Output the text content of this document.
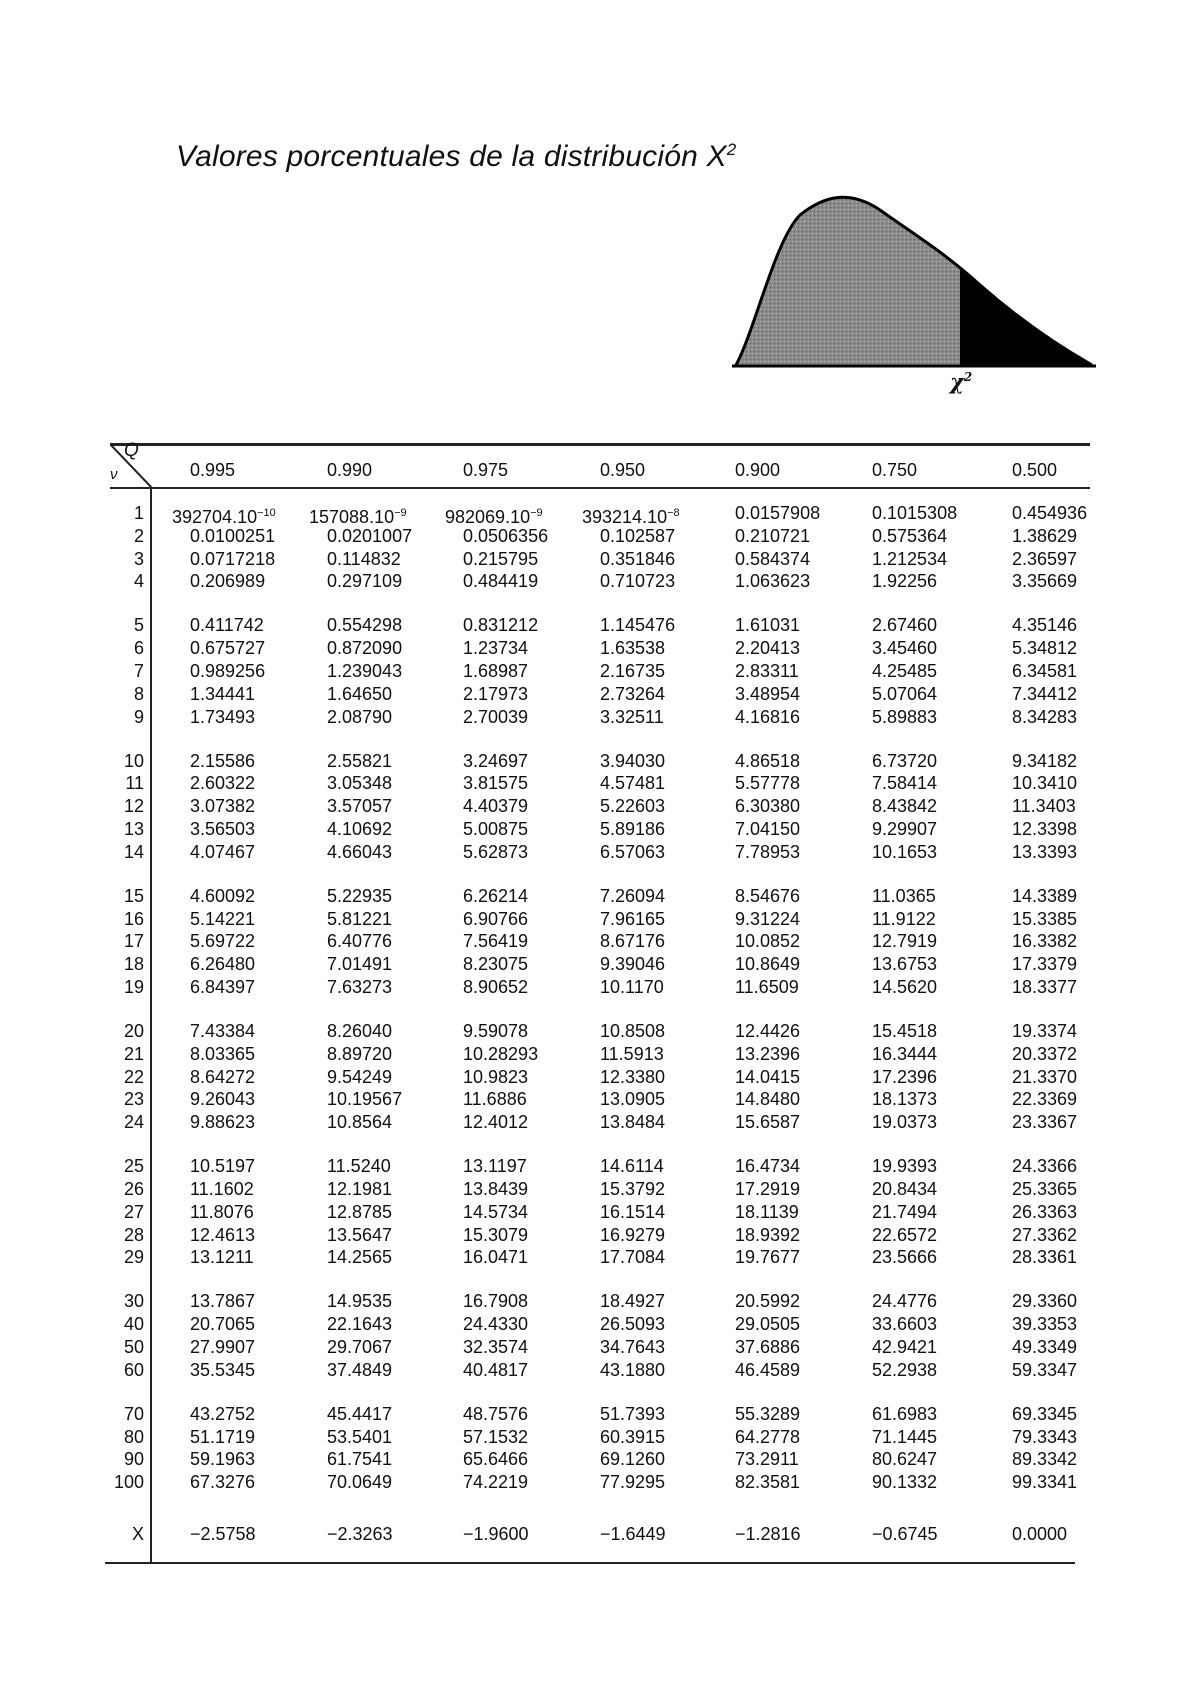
Valores porcentuales de la distribución $X^2$
$\chi^2$
Q
ν	0.995	0.990	0.975	0.950	0.900	0.750	0.500
1 $392704.10^{-10}$ $157088.10^{-9}$ $982069.10^{-9}$ $393214.10^{-8}$	0.0157908	0.1015308	0.454936
2	0.0100251	0.0201007	0.0506356	0.102587	0.210721	0.575364	1.38629
3	0.0717218	0.114832	0.215795	0.351846	0.584374	1.212534	2.36597
4	0.206989	0.297109	0.484419	0.710723	1.063623	1.92256	3.35669
5	0.411742	0.554298	0.831212	1.145476	1.61031	2.67460	4.35146
6	0.675727	0.872090	1.23734	1.63538	2.20413	3.45460	5.34812
7	0.989256	1.239043	1.68987	2.16735	2.83311	4.25485	6.34581
8	1.34441	1.64650	2.17973	2.73264	3.48954	5.07064	7.34412
9	1.73493	2.08790	2.70039	3.32511	4.16816	5.89883	8.34283
10	2.15586	2.55821	3.24697	3.94030	4.86518	6.73720	9.34182
11	2.60322	3.05348	3.81575	4.57481	5.57778	7.58414	10.3410
12	3.07382	3.57057	4.40379	5.22603	6.30380	8.43842	11.3403
13	3.56503	4.10692	5.00875	5.89186	7.04150	9.29907	12.3398
14	4.07467	4.66043	5.62873	6.57063	7.78953	10.1653	13.3393
15	4.60092	5.22935	6.26214	7.26094	8.54676	11.0365	14.3389
16	5.14221	5.81221	6.90766	7.96165	9.31224	11.9122	15.3385
17	5.69722	6.40776	7.56419	8.67176	10.0852	12.7919	16.3382
18	6.26480	7.01491	8.23075	9.39046	10.8649	13.6753	17.3379
19	6.84397	7.63273	8.90652	10.1170	11.6509	14.5620	18.3377
20	7.43384	8.26040	9.59078	10.8508	12.4426	15.4518	19.3374
21	8.03365	8.89720	10.28293	11.5913	13.2396	16.3444	20.3372
22	8.64272	9.54249	10.9823	12.3380	14.0415	17.2396	21.3370
23	9.26043	10.19567	11.6886	13.0905	14.8480	18.1373	22.3369
24	9.88623	10.8564	12.4012	13.8484	15.6587	19.0373	23.3367
25	10.5197	11.5240	13.1197	14.6114	16.4734	19.9393	24.3366
26	11.1602	12.1981	13.8439	15.3792	17.2919	20.8434	25.3365
27	11.8076	12.8785	14.5734	16.1514	18.1139	21.7494	26.3363
28	12.4613	13.5647	15.3079	16.9279	18.9392	22.6572	27.3362
29	13.1211	14.2565	16.0471	17.7084	19.7677	23.5666	28.3361
30	13.7867	14.9535	16.7908	18.4927	20.5992	24.4776	29.3360
40	20.7065	22.1643	24.4330	26.5093	29.0505	33.6603	39.3353
50	27.9907	29.7067	32.3574	34.7643	37.6886	42.9421	49.3349
60	35.5345	37.4849	40.4817	43.1880	46.4589	52.2938	59.3347
70	43.2752	45.4417	48.7576	51.7393	55.3289	61.6983	69.3345
80	51.1719	53.5401	57.1532	60.3915	64.2778	71.1445	79.3343
90	59.1963	61.7541	65.6466	69.1260	73.2911	80.6247	89.3342
100	67.3276	70.0649	74.2219	77.9295	82.3581	90.1332	99.3341
X	−2.5758	−2.3263	−1.9600	−1.6449	−1.2816	−0.6745	0.0000
